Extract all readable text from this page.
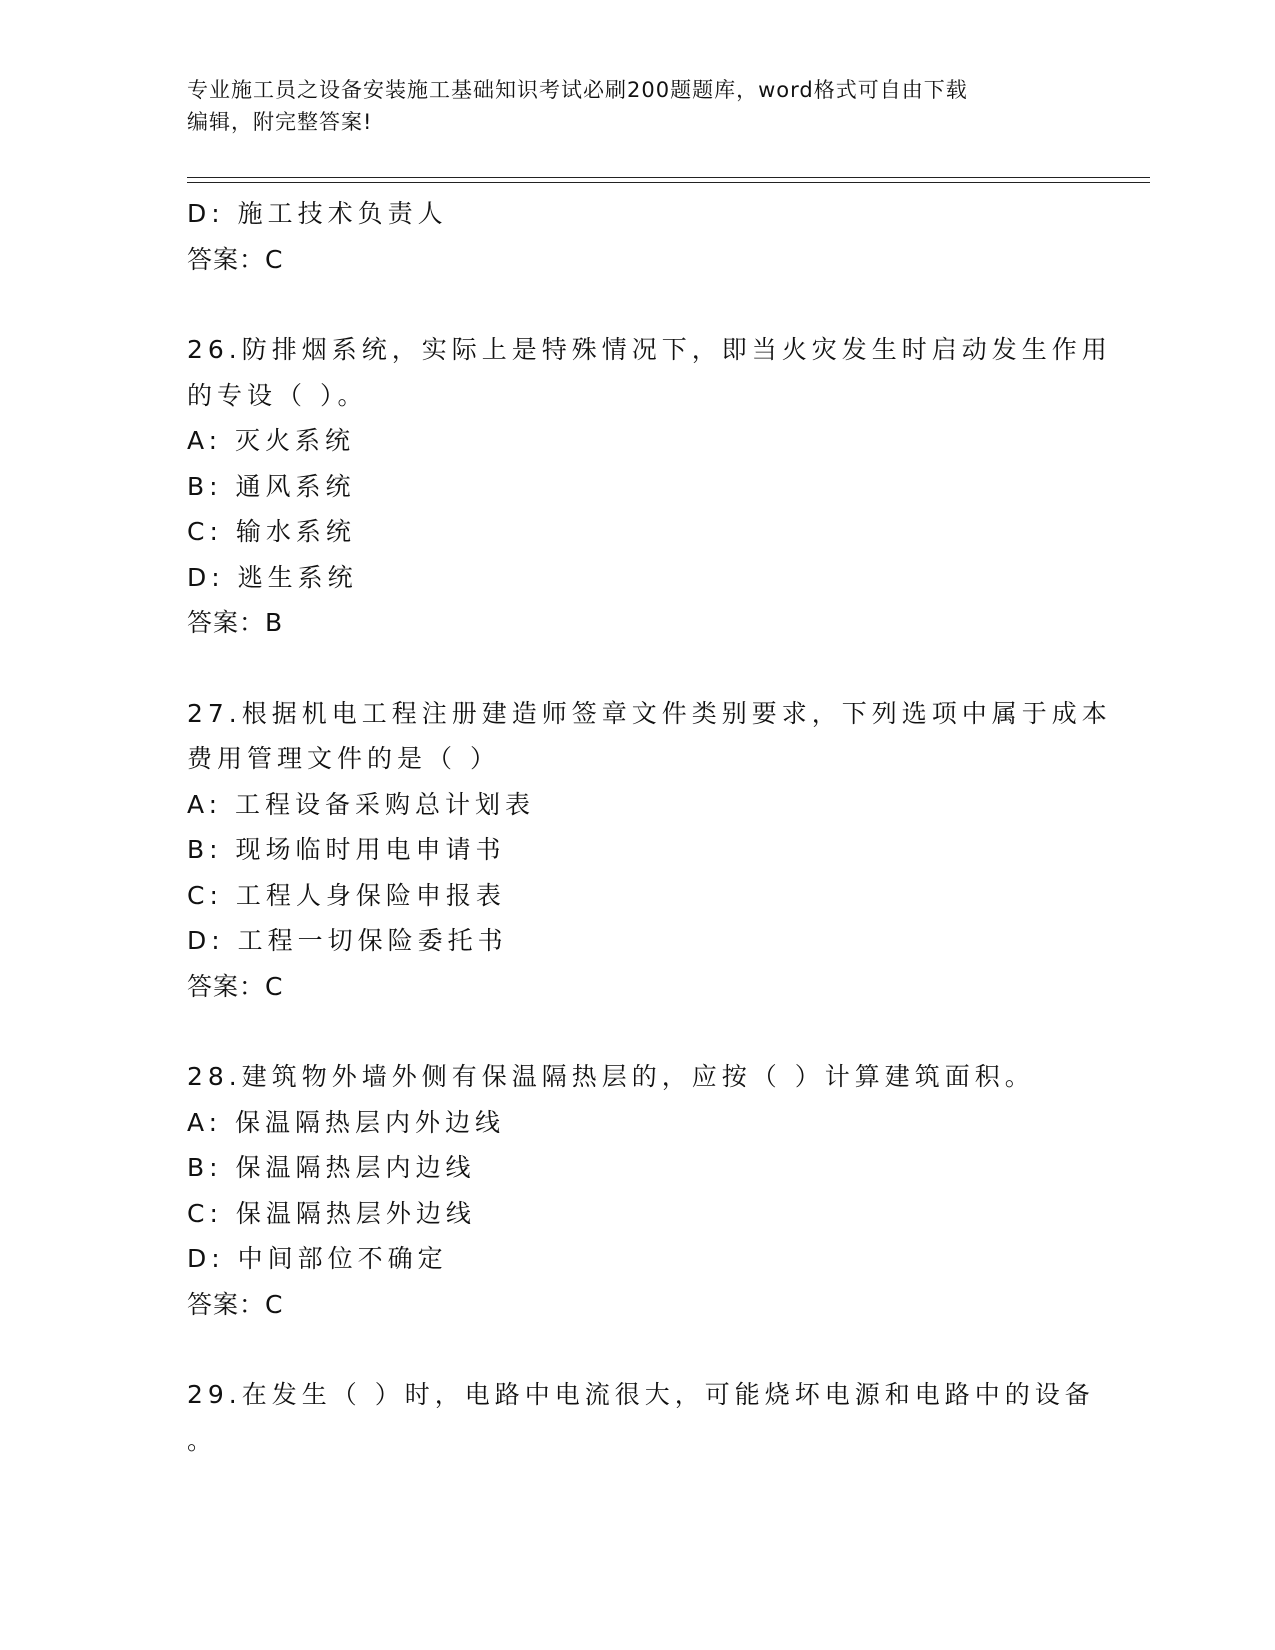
专业施工员之设备安装施工基础知识考试必刷200题题库，word格式可自由下载
编辑，附完整答案!
D: 施工技术负责人
答案：C
26.防排烟系统，实际上是特殊情况下，即当火灾发生时启动发生作用
的专设（ ）。
A: 灭火系统
B: 通风系统
C: 输水系统
D: 逃生系统
答案：B
27.根据机电工程注册建造师签章文件类别要求，下列选项中属于成本
费用管理文件的是（ ）
A: 工程设备采购总计划表
B: 现场临时用电申请书
C: 工程人身保险申报表
D: 工程一切保险委托书
答案：C
28.建筑物外墙外侧有保温隔热层的，应按（ ）计算建筑面积。
A: 保温隔热层内外边线
B: 保温隔热层内边线
C: 保温隔热层外边线
D: 中间部位不确定
答案：C
29.在发生（ ）时，电路中电流很大，可能烧坏电源和电路中的设备
。
